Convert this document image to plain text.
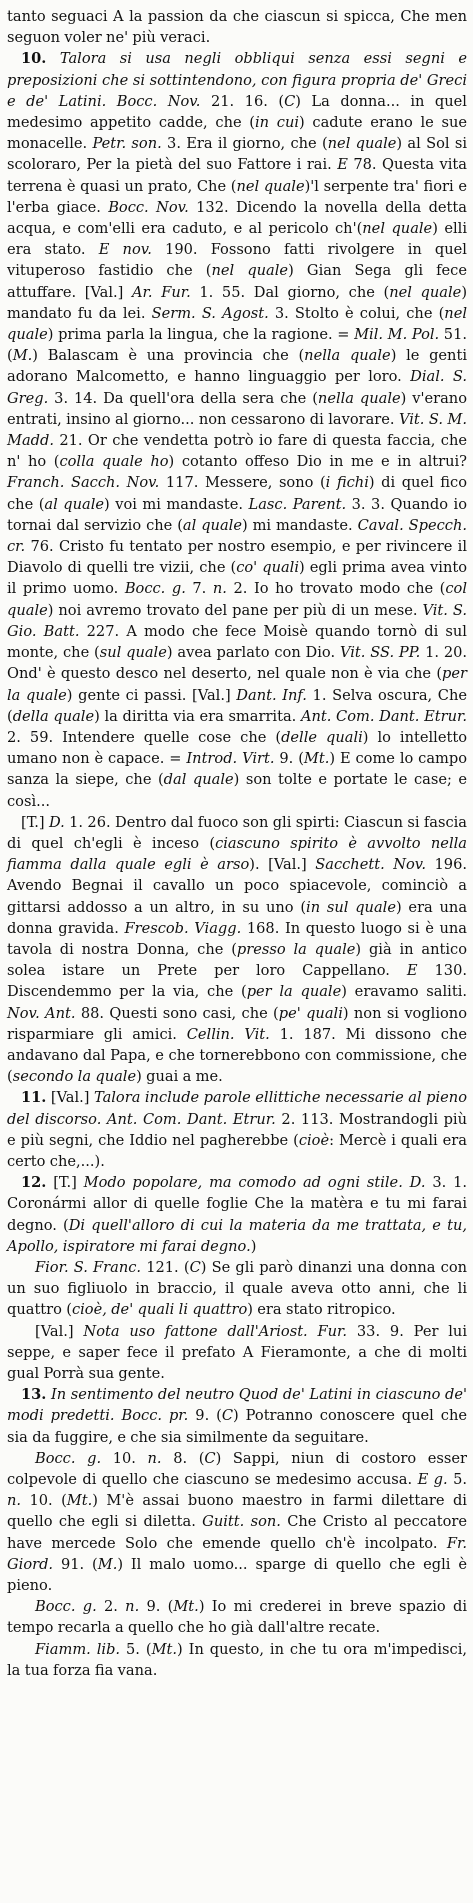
tanto seguaci A la passion da che ciascun si spicca, Che men seguon voler ne' più veraci.

10. Talora si usa negli obbliqui senza essi segni e preposizioni che si sottintendono, con figura propria de' Greci e de' Latini. Bocc. Nov. 21. 16. (C) La donna... in quel medesimo appetito cadde, che (in cui) cadute erano le sue monacelle. Petr. son. 3. Era il giorno, che (nel quale) al Sol si scoloraro, Per la pietà del suo Fattore i rai. E 78. Questa vita terrena è quasi un prato, Che (nel quale)'l serpente tra' fiori e l'erba giace. Bocc. Nov. 132. Dicendo la novella della detta acqua, e com'elli era caduto, e al pericolo ch'(nel quale) elli era stato. E nov. 190. Fossono fatti rivolgere in quel vituperoso fastidio che (nel quale) Gian Sega gli fece attuffare. [Val.] Ar. Fur. 1. 55. Dal giorno, che (nel quale) mandato fu da lei. Serm. S. Agost. 3. Stolto è colui, che (nel quale) prima parla la lingua, che la ragione. = Mil. M. Pol. 51. (M.) Balascam è una provincia che (nella quale) le genti adorano Malcometto, e hanno linguaggio per loro. Dial. S. Greg. 3. 14. Da quell'ora della sera che (nella quale) v'erano entrati, insino al giorno... non cessarono di lavorare. Vit. S. M. Madd. 21. Or che vendetta potrò io fare di questa faccia, che n' ho (colla quale ho) cotanto offeso Dio in me e in altrui? Franch. Sacch. Nov. 117. Messere, sono (i fichi) di quel fico che (al quale) voi mi mandaste. Lasc. Parent. 3. 3. Quando io tornai dal servizio che (al quale) mi mandaste. Caval. Specch. cr. 76. Cristo fu tentato per nostro esempio, e per rivincere il Diavolo di quelli tre vizii, che (co' quali) egli prima avea vinto il primo uomo. Bocc. g. 7. n. 2. Io ho trovato modo che (col quale) noi avremo trovato del pane per più di un mese. Vit. S. Gio. Batt. 227. A modo che fece Moisè quando tornò di sul monte, che (sul quale) avea parlato con Dio. Vit. SS. PP. 1. 20. Ond' è questo desco nel deserto, nel quale non è via che (per la quale) gente ci passi. [Val.] Dant. Inf. 1. Selva oscura, Che (della quale) la diritta via era smarrita. Ant. Com. Dant. Etrur. 2. 59. Intendere quelle cose che (delle quali) lo intelletto umano non è capace. = Introd. Virt. 9. (Mt.) E come lo campo sanza la siepe, che (dal quale) son tolte e portate le case; e così...

[T.] D. 1. 26. Dentro dal fuoco son gli spirti: Ciascun si fascia di quel ch'egli è inceso (ciascuno spirito è avvolto nella fiamma dalla quale egli è arso). [Val.] Sacchett. Nov. 196. Avendo Begnai il cavallo un poco spiacevole, cominciò a gittarsi addosso a un altro, in su uno (in sul quale) era una donna gravida. Frescob. Viagg. 168. In questo luogo si è una tavola di nostra Donna, che (presso la quale) già in antico solea istare un Prete per loro Cappellano. E 130. Discendemmo per la via, che (per la quale) eravamo saliti. Nov. Ant. 88. Questi sono casi, che (pe' quali) non si vogliono risparmiare gli amici. Cellin. Vit. 1. 187. Mi dissono che andavano dal Papa, e che tornerebbono con commissione, che (secondo la quale) guai a me.

11. [Val.] Talora include parole ellittiche necessarie al pieno del discorso. Ant. Com. Dant. Etrur. 2. 113. Mostrandogli più e più segni, che Iddio nel pagherebbe (cioè: Mercè i quali era certo che,...).

12. [T.] Modo popolare, ma comodo ad ogni stile. D. 3. 1. Coronármi allor di quelle foglie Che la matèra e tu mi farai degno. (Di quell'alloro di cui la materia da me trattata, e tu, Apollo, ispiratore mi farai degno.)

Fior. S. Franc. 121. (C) Se gli parò dinanzi una donna con un suo figliuolo in braccio, il quale aveva otto anni, che li quattro (cioè, de' quali li quattro) era stato ritropico.

[Val.] Nota uso fattone dall'Ariost. Fur. 33. 9. Per lui seppe, e saper fece il prefato A Fieramonte, a che di molti gual Porrà sua gente.

13. In sentimento del neutro Quod de' Latini in ciascuno de' modi predetti. Bocc. pr. 9. (C) Potranno conoscere quel che sia da fuggire, e che sia similmente da seguitare.

Bocc. g. 10. n. 8. (C) Sappi, niun di costoro esser colpevole di quello che ciascuno se medesimo accusa. E g. 5. n. 10. (Mt.) M'è assai buono maestro in farmi dilettare di quello che egli si diletta. Guitt. son. Che Cristo al peccatore have mercede Solo che emende quello ch'è incolpato. Fr. Giord. 91. (M.) Il malo uomo... sparge di quello che egli è pieno.

Bocc. g. 2. n. 9. (Mt.) Io mi crederei in breve spazio di tempo recarla a quello che ho già dall'altre recate.

Fiamm. lib. 5. (Mt.) In questo, in che tu ora m'impedisci, la tua forza fia vana.
